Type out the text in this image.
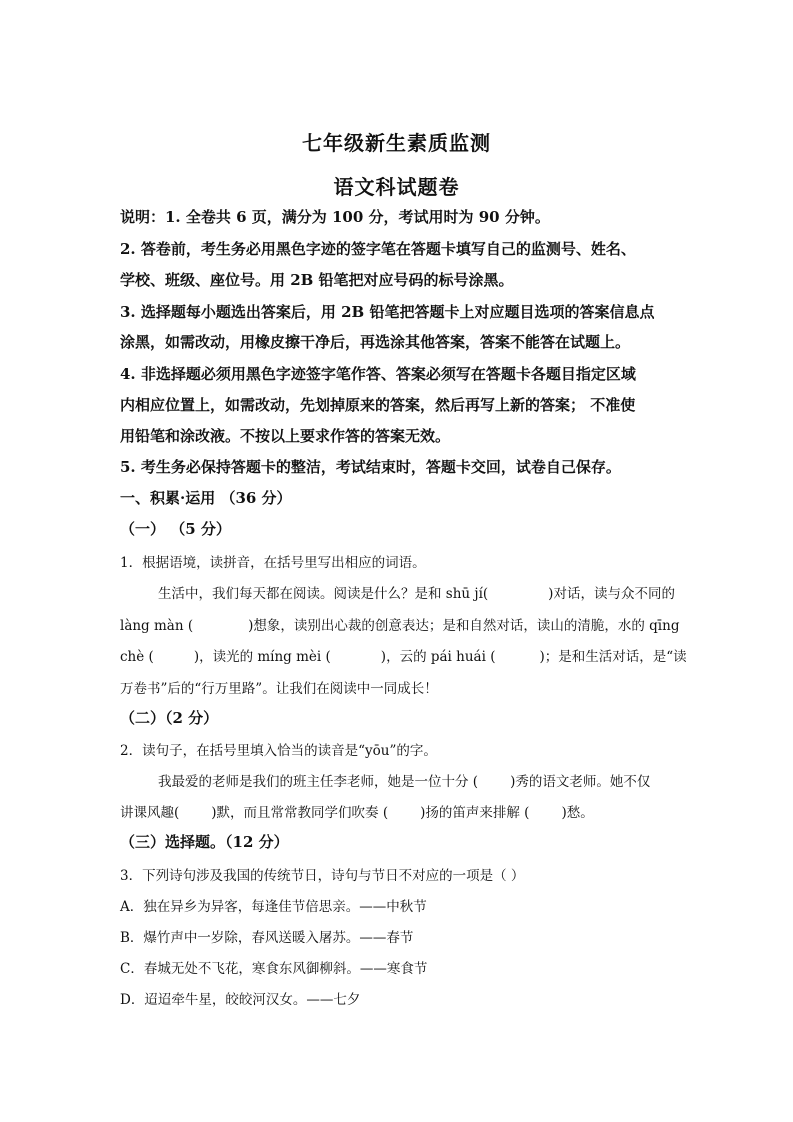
七年级新生素质监测
语文科试题卷
说明：1. 全卷共 6 页，满分为 100 分，考试用时为 90 分钟。
2. 答卷前，考生务必用黑色字迹的签字笔在答题卡填写自己的监测号、姓名、
学校、班级、座位号。用 2B 铅笔把对应号码的标号涂黑。
3. 选择题每小题选出答案后，用 2B 铅笔把答题卡上对应题目选项的答案信息点
涂黑，如需改动，用橡皮擦干净后，再选涂其他答案，答案不能答在试题上。
4. 非选择题必须用黑色字迹签字笔作答、答案必须写在答题卡各题目指定区域
内相应位置上，如需改动，先划掉原来的答案，然后再写上新的答案； 不准使
用铅笔和涂改液。不按以上要求作答的答案无效。
5. 考生务必保持答题卡的整洁，考试结束时，答题卡交回，试卷自己保存。
一、积累·运用 （36 分）
（一） （5 分）
1．根据语境，读拼音，在括号里写出相应的词语。
生活中，我们每天都在阅读。阅读是什么？是和 shū jí(	)对话，读与众不同的
làng màn (	)想象，读别出心裁的创意表达；是和自然对话，读山的清脆，水的 qīng
chè (	)，读光的 míng mèi (	)，云的 pái huái (	)；是和生活对话，是“读
万卷书”后的“行万里路”。让我们在阅读中一同成长！
（二）（2 分）
2．读句子，在括号里填入恰当的读音是“yōu”的字。
我最爱的老师是我们的班主任李老师，她是一位十分 ( )秀的语文老师。她不仅
讲课风趣( )默，而且常常教同学们吹奏 ( )扬的笛声来排解 ( )愁。
（三）选择题。（12 分）
3．下列诗句涉及我国的传统节日，诗句与节日不对应的一项是（ ）
A．独在异乡为异客，每逢佳节倍思亲。——中秋节
B．爆竹声中一岁除，春风送暖入屠苏。——春节
C．春城无处不飞花，寒食东风御柳斜。——寒食节
D．迢迢牵牛星，皎皎河汉女。——七夕
